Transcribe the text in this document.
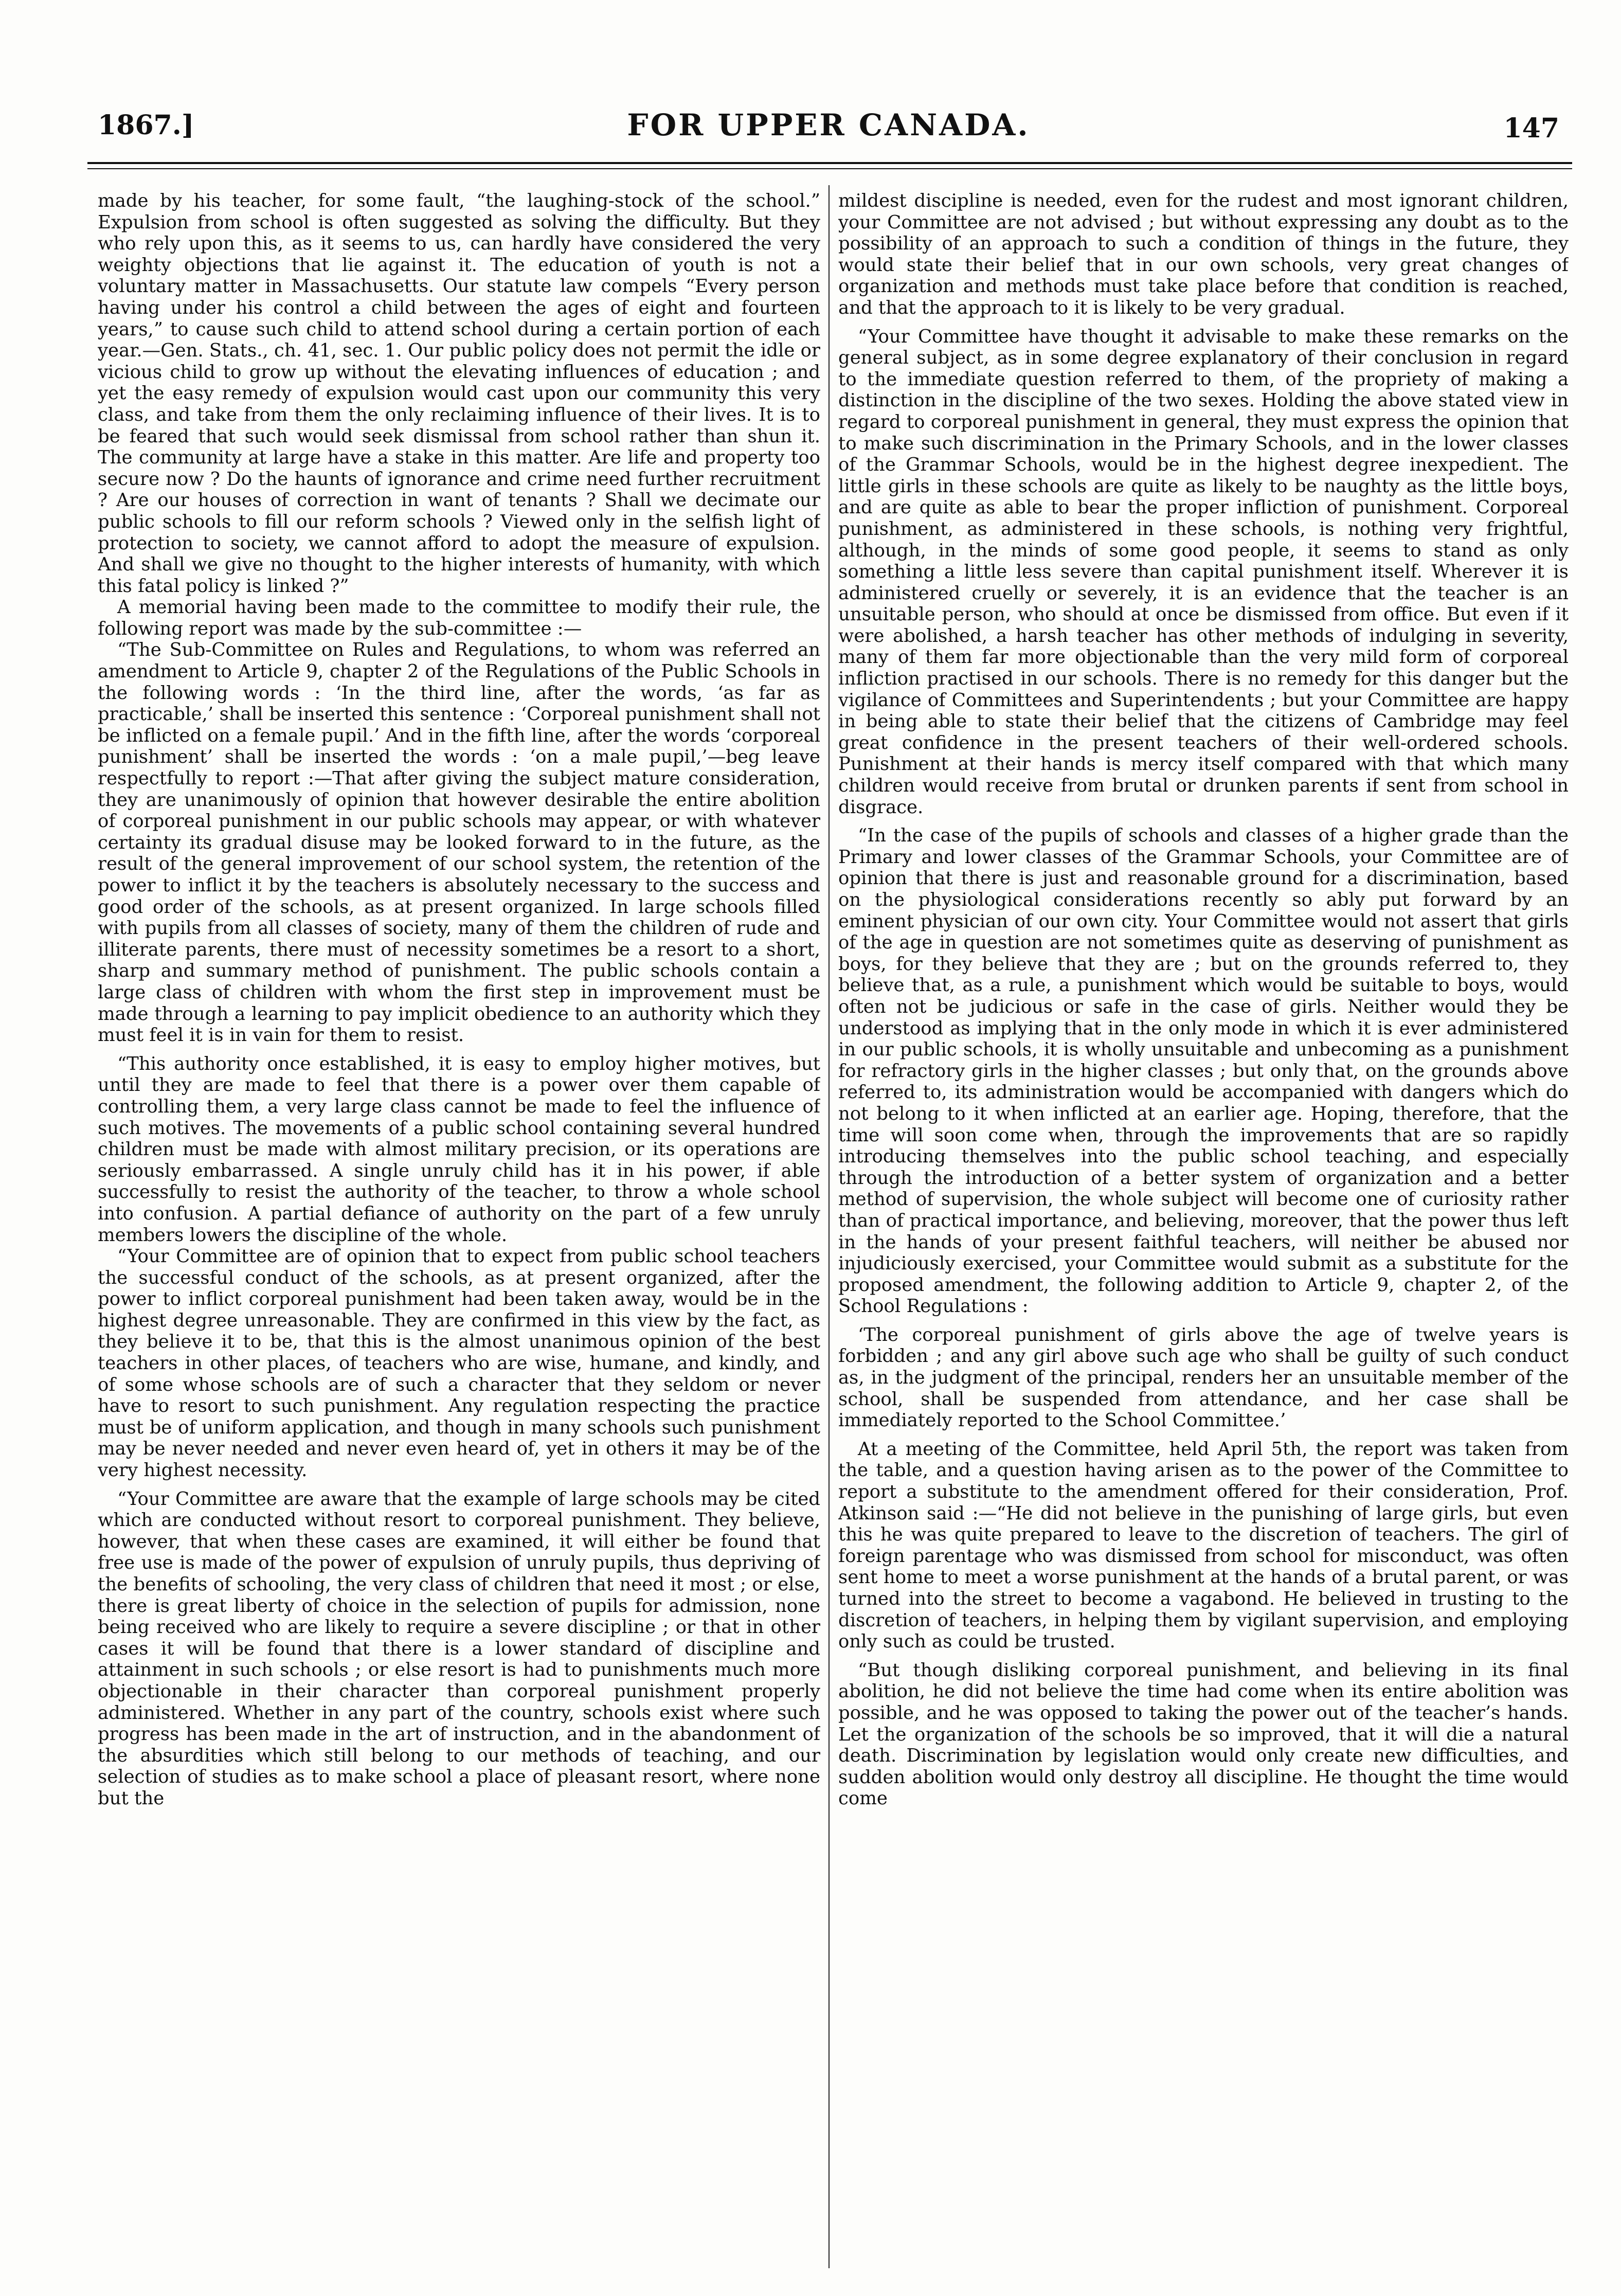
1867.]	FOR UPPER CANADA.	147

made by his teacher, for some fault, “the laughing-stock of the school.” Expulsion from school is often suggested as solving the difficulty. But they who rely upon this, as it seems to us, can hardly have considered the very weighty objections that lie against it. The education of youth is not a voluntary matter in Massachusetts. Our statute law compels “Every person having under his control a child between the ages of eight and fourteen years,” to cause such child to attend school during a certain portion of each year.—Gen. Stats., ch. 41, sec. 1. Our public policy does not permit the idle or vicious child to grow up without the elevating influences of education ; and yet the easy remedy of expulsion would cast upon our community this very class, and take from them the only reclaiming influence of their lives. It is to be feared that such would seek dismissal from school rather than shun it. The community at large have a stake in this matter. Are life and property too secure now ? Do the haunts of ignorance and crime need further recruitment ? Are our houses of correction in want of tenants ? Shall we decimate our public schools to fill our reform schools ? Viewed only in the selfish light of protection to society, we cannot afford to adopt the measure of expulsion. And shall we give no thought to the higher interests of humanity, with which this fatal policy is linked ?”

A memorial having been made to the committee to modify their rule, the following report was made by the sub-committee :—

“The Sub-Committee on Rules and Regulations, to whom was referred an amendment to Article 9, chapter 2 of the Regulations of the Public Schools in the following words : ‘In the third line, after the words, ‘as far as practicable,’ shall be inserted this sentence : ‘Corporeal punishment shall not be inflicted on a female pupil.’ And in the fifth line, after the words ‘corporeal punishment’ shall be inserted the words : ‘on a male pupil,’—beg leave respectfully to report :—That after giving the subject mature consideration, they are unanimously of opinion that however desirable the entire abolition of corporeal punishment in our public schools may appear, or with whatever certainty its gradual disuse may be looked forward to in the future, as the result of the general improvement of our school system, the retention of the power to inflict it by the teachers is absolutely necessary to the success and good order of the schools, as at present organized. In large schools filled with pupils from all classes of society, many of them the children of rude and illiterate parents, there must of necessity sometimes be a resort to a short, sharp and summary method of punishment. The public schools contain a large class of children with whom the first step in improvement must be made through a learning to pay implicit obedience to an authority which they must feel it is in vain for them to resist.

“This authority once established, it is easy to employ higher motives, but until they are made to feel that there is a power over them capable of controlling them, a very large class cannot be made to feel the influence of such motives. The movements of a public school containing several hundred children must be made with almost military precision, or its operations are seriously embarrassed. A single unruly child has it in his power, if able successfully to resist the authority of the teacher, to throw a whole school into confusion. A partial defiance of authority on the part of a few unruly members lowers the discipline of the whole.

“Your Committee are of opinion that to expect from public school teachers the successful conduct of the schools, as at present organized, after the power to inflict corporeal punishment had been taken away, would be in the highest degree unreasonable. They are confirmed in this view by the fact, as they believe it to be, that this is the almost unanimous opinion of the best teachers in other places, of teachers who are wise, humane, and kindly, and of some whose schools are of such a character that they seldom or never have to resort to such punishment. Any regulation respecting the practice must be of uniform application, and though in many schools such punishment may be never needed and never even heard of, yet in others it may be of the very highest necessity.

“Your Committee are aware that the example of large schools may be cited which are conducted without resort to corporeal punishment. They believe, however, that when these cases are examined, it will either be found that free use is made of the power of expulsion of unruly pupils, thus depriving of the benefits of schooling, the very class of children that need it most ; or else, there is great liberty of choice in the selection of pupils for admission, none being received who are likely to require a severe discipline ; or that in other cases it will be found that there is a lower standard of discipline and attainment in such schools ; or else resort is had to punishments much more objectionable in their character than corporeal punishment properly administered. Whether in any part of the country, schools exist where such progress has been made in the art of instruction, and in the abandonment of the absurdities which still belong to our methods of teaching, and our selection of studies as to make school a place of pleasant resort, where none but the

mildest discipline is needed, even for the rudest and most ignorant children, your Committee are not advised ; but without expressing any doubt as to the possibility of an approach to such a condition of things in the future, they would state their belief that in our own schools, very great changes of organization and methods must take place before that condition is reached, and that the approach to it is likely to be very gradual.

“Your Committee have thought it advisable to make these remarks on the general subject, as in some degree explanatory of their conclusion in regard to the immediate question referred to them, of the propriety of making a distinction in the discipline of the two sexes. Holding the above stated view in regard to corporeal punishment in general, they must express the opinion that to make such discrimination in the Primary Schools, and in the lower classes of the Grammar Schools, would be in the highest degree inexpedient. The little girls in these schools are quite as likely to be naughty as the little boys, and are quite as able to bear the proper infliction of punishment. Corporeal punishment, as administered in these schools, is nothing very frightful, although, in the minds of some good people, it seems to stand as only something a little less severe than capital punishment itself. Wherever it is administered cruelly or severely, it is an evidence that the teacher is an unsuitable person, who should at once be dismissed from office. But even if it were abolished, a harsh teacher has other methods of indulging in severity, many of them far more objectionable than the very mild form of corporeal infliction practised in our schools. There is no remedy for this danger but the vigilance of Committees and Superintendents ; but your Committee are happy in being able to state their belief that the citizens of Cambridge may feel great confidence in the present teachers of their well-ordered schools. Punishment at their hands is mercy itself compared with that which many children would receive from brutal or drunken parents if sent from school in disgrace.

“In the case of the pupils of schools and classes of a higher grade than the Primary and lower classes of the Grammar Schools, your Committee are of opinion that there is just and reasonable ground for a discrimination, based on the physiological considerations recently so ably put forward by an eminent physician of our own city. Your Committee would not assert that girls of the age in question are not sometimes quite as deserving of punishment as boys, for they believe that they are ; but on the grounds referred to, they believe that, as a rule, a punishment which would be suitable to boys, would often not be judicious or safe in the case of girls. Neither would they be understood as implying that in the only mode in which it is ever administered in our public schools, it is wholly unsuitable and unbecoming as a punishment for refractory girls in the higher classes ; but only that, on the grounds above referred to, its administration would be accompanied with dangers which do not belong to it when inflicted at an earlier age. Hoping, therefore, that the time will soon come when, through the improvements that are so rapidly introducing themselves into the public school teaching, and especially through the introduction of a better system of organization and a better method of supervision, the whole subject will become one of curiosity rather than of practical importance, and believing, moreover, that the power thus left in the hands of your present faithful teachers, will neither be abused nor injudiciously exercised, your Committee would submit as a substitute for the proposed amendment, the following addition to Article 9, chapter 2, of the School Regulations :

‘The corporeal punishment of girls above the age of twelve years is forbidden ; and any girl above such age who shall be guilty of such conduct as, in the judgment of the principal, renders her an unsuitable member of the school, shall be suspended from attendance, and her case shall be immediately reported to the School Committee.’

At a meeting of the Committee, held April 5th, the report was taken from the table, and a question having arisen as to the power of the Committee to report a substitute to the amendment offered for their consideration, Prof. Atkinson said :—“He did not believe in the punishing of large girls, but even this he was quite prepared to leave to the discretion of teachers. The girl of foreign parentage who was dismissed from school for misconduct, was often sent home to meet a worse punishment at the hands of a brutal parent, or was turned into the street to become a vagabond. He believed in trusting to the discretion of teachers, in helping them by vigilant supervision, and employing only such as could be trusted.

“But though disliking corporeal punishment, and believing in its final abolition, he did not believe the time had come when its entire abolition was possible, and he was opposed to taking the power out of the teacher’s hands. Let the organization of the schools be so improved, that it will die a natural death. Discrimination by legislation would only create new difficulties, and sudden abolition would only destroy all discipline. He thought the time would come
